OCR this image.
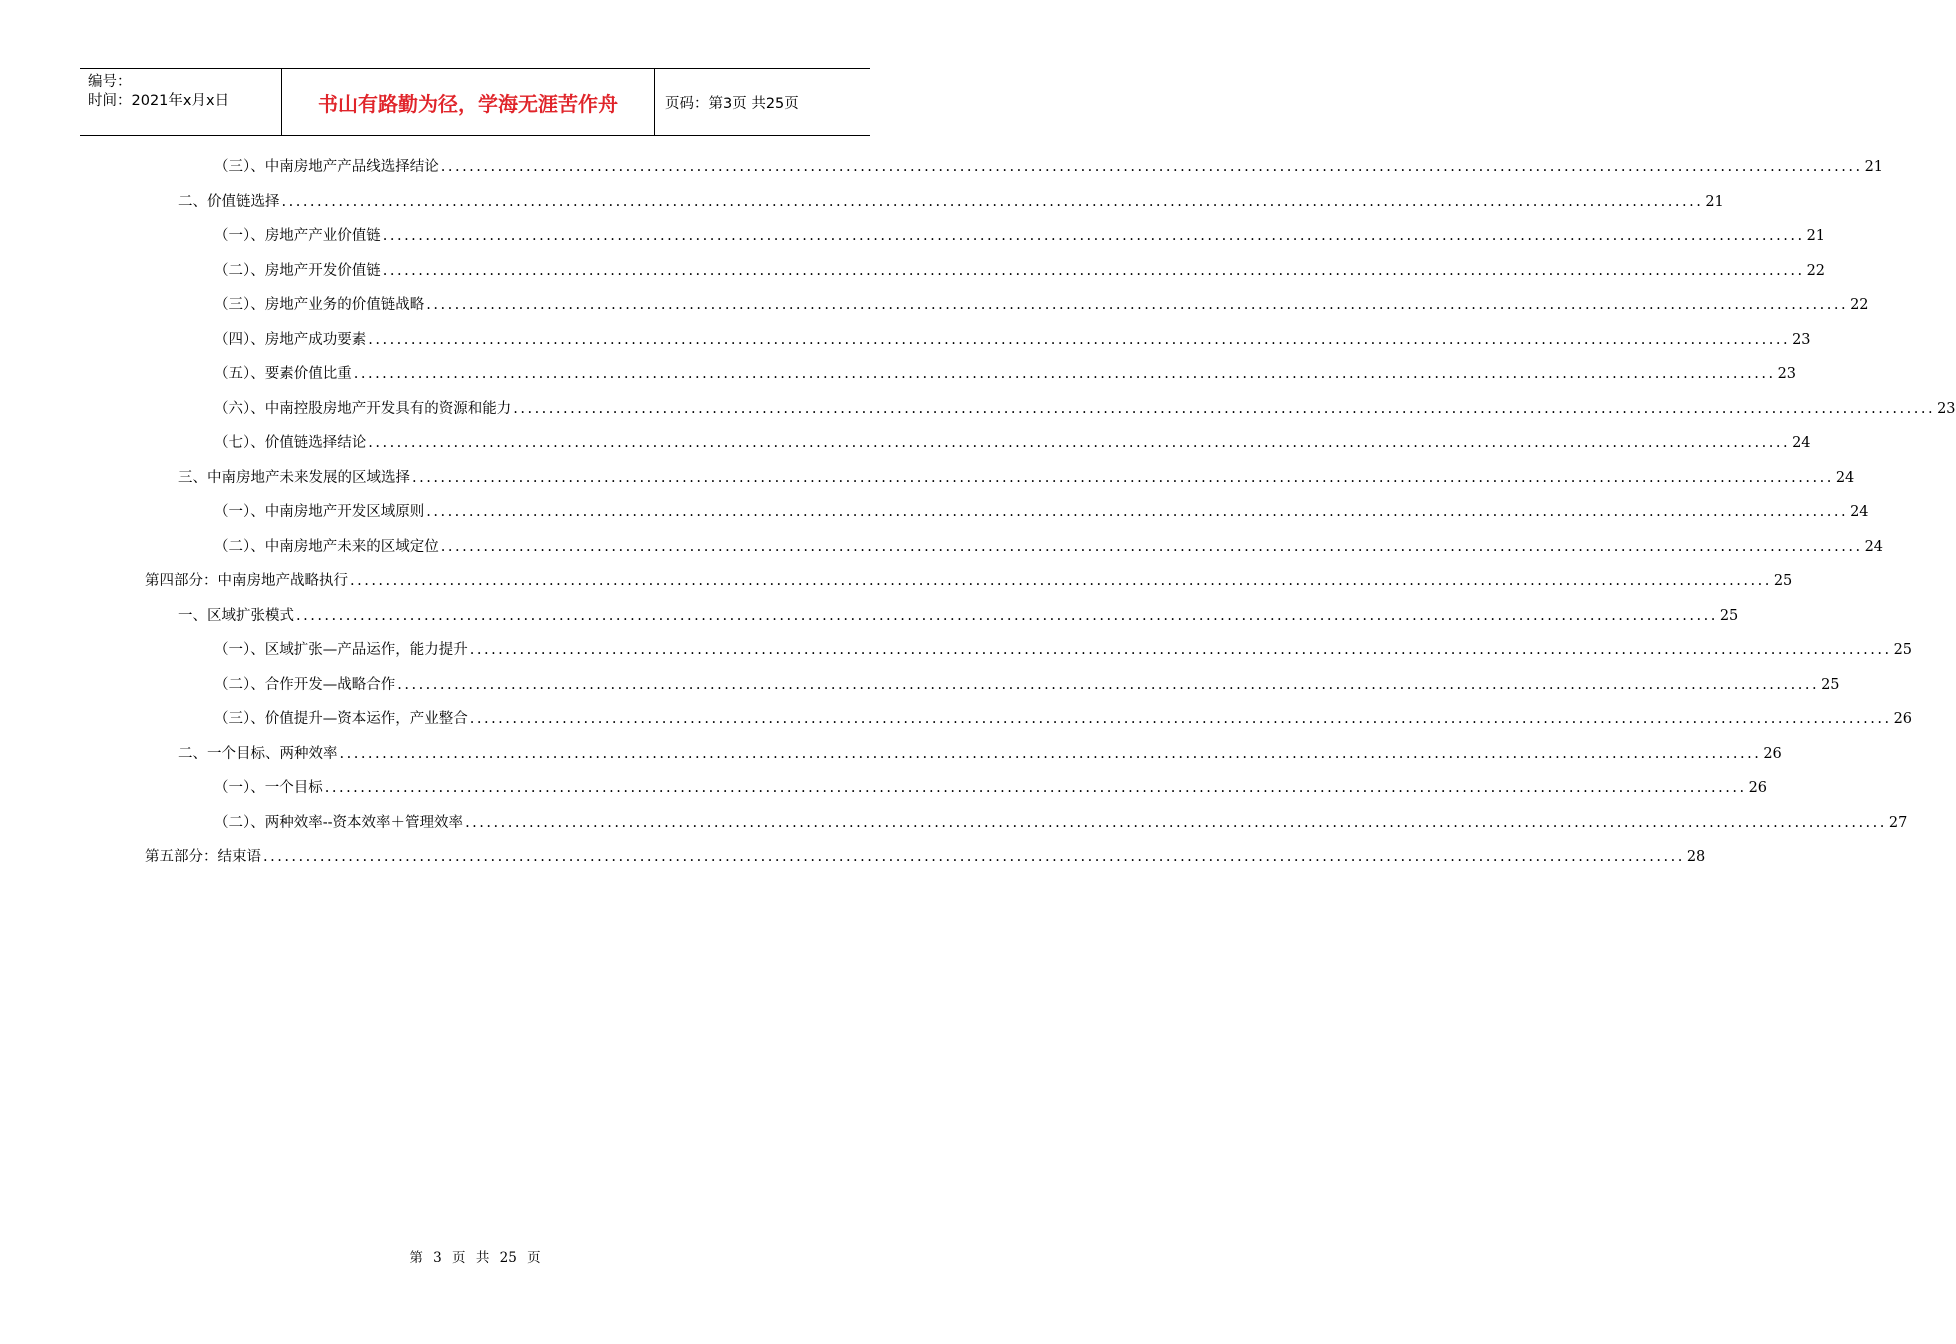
编号：
时间：2021年x月x日	书山有路勤为径，学海无涯苦作舟	页码：第3页 共25页
（三）、中南房地产产品线选择结论 ........................................................................................................................................................................................................ 21
二、价值链选择 ........................................................................................................................................................................................................ 21
（一）、房地产产业价值链 ........................................................................................................................................................................................................ 21
（二）、房地产开发价值链 ........................................................................................................................................................................................................ 22
（三）、房地产业务的价值链战略 ........................................................................................................................................................................................................ 22
（四）、房地产成功要素 ........................................................................................................................................................................................................ 23
（五）、要素价值比重 ........................................................................................................................................................................................................ 23
（六）、中南控股房地产开发具有的资源和能力 ........................................................................................................................................................................................................ 23
（七）、价值链选择结论 ........................................................................................................................................................................................................ 24
三、中南房地产未来发展的区域选择 ........................................................................................................................................................................................................ 24
（一）、中南房地产开发区域原则 ........................................................................................................................................................................................................ 24
（二）、中南房地产未来的区域定位 ........................................................................................................................................................................................................ 24
第四部分：中南房地产战略执行 ........................................................................................................................................................................................................ 25
一、区域扩张模式 ........................................................................................................................................................................................................ 25
（一）、区域扩张—产品运作，能力提升 ........................................................................................................................................................................................................ 25
（二）、合作开发—战略合作 ........................................................................................................................................................................................................ 25
（三）、价值提升—资本运作，产业整合 ........................................................................................................................................................................................................ 26
二、一个目标、两种效率 ........................................................................................................................................................................................................ 26
（一）、一个目标 ........................................................................................................................................................................................................ 26
（二）、两种效率--资本效率＋管理效率 ........................................................................................................................................................................................................ 27
第五部分：结束语 ........................................................................................................................................................................................................ 28
第 3 页 共 25 页
